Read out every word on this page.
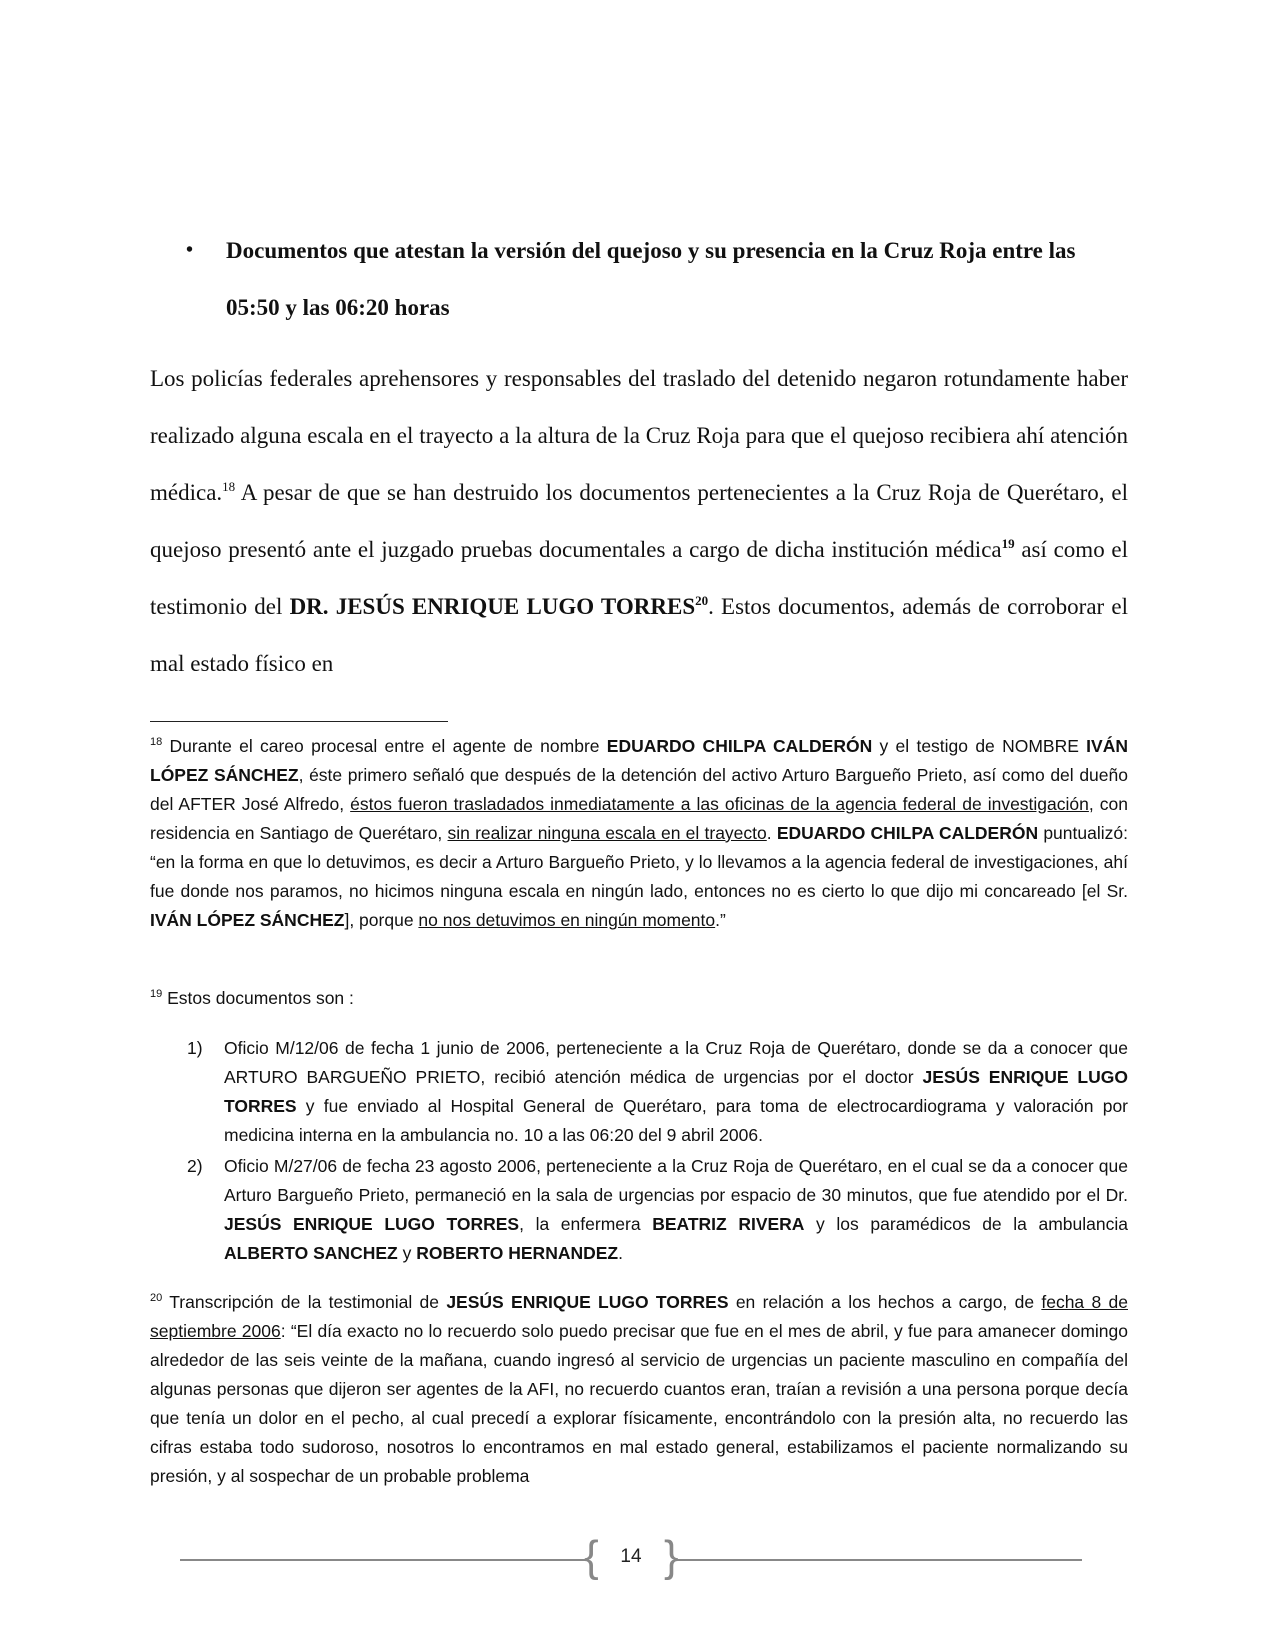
• Documentos que atestan la versión del quejoso y su presencia en la Cruz Roja entre las 05:50 y las 06:20 horas
Los policías federales aprehensores y responsables del traslado del detenido negaron rotundamente haber realizado alguna escala en el trayecto a la altura de la Cruz Roja para que el quejoso recibiera ahí atención médica.$^{18}$ A pesar de que se han destruido los documentos pertenecientes a la Cruz Roja de Querétaro, el quejoso presentó ante el juzgado pruebas documentales a cargo de dicha institución médica$^{19}$ así como el testimonio del DR. JESÚS ENRIQUE LUGO TORRES$^{20}$. Estos documentos, además de corroborar el mal estado físico en
$^{18}$ Durante el careo procesal entre el agente de nombre EDUARDO CHILPA CALDERÓN y el testigo de NOMBRE IVÁN LÓPEZ SÁNCHEZ, éste primero señaló que después de la detención del activo Arturo Bargueño Prieto, así como del dueño del AFTER José Alfredo, éstos fueron trasladados inmediatamente a las oficinas de la agencia federal de investigación, con residencia en Santiago de Querétaro, sin realizar ninguna escala en el trayecto. EDUARDO CHILPA CALDERÓN puntualizó: “en la forma en que lo detuvimos, es decir a Arturo Bargueño Prieto, y lo llevamos a la agencia federal de investigaciones, ahí fue donde nos paramos, no hicimos ninguna escala en ningún lado, entonces no es cierto lo que dijo mi concareado [el Sr. IVÁN LÓPEZ SÁNCHEZ], porque no nos detuvimos en ningún momento.”
$^{19}$ Estos documentos son :
1) Oficio M/12/06 de fecha 1 junio de 2006, perteneciente a la Cruz Roja de Querétaro, donde se da a conocer que ARTURO BARGUEÑO PRIETO, recibió atención médica de urgencias por el doctor JESÚS ENRIQUE LUGO TORRES y fue enviado al Hospital General de Querétaro, para toma de electrocardiograma y valoración por medicina interna en la ambulancia no. 10 a las 06:20 del 9 abril 2006.
2) Oficio M/27/06 de fecha 23 agosto 2006, perteneciente a la Cruz Roja de Querétaro, en el cual se da a conocer que Arturo Bargueño Prieto, permaneció en la sala de urgencias por espacio de 30 minutos, que fue atendido por el Dr. JESÚS ENRIQUE LUGO TORRES, la enfermera BEATRIZ RIVERA y los paramédicos de la ambulancia ALBERTO SANCHEZ y ROBERTO HERNANDEZ.
$^{20}$ Transcripción de la testimonial de JESÚS ENRIQUE LUGO TORRES en relación a los hechos a cargo, de fecha 8 de septiembre 2006: “El día exacto no lo recuerdo solo puedo precisar que fue en el mes de abril, y fue para amanecer domingo alrededor de las seis veinte de la mañana, cuando ingresó al servicio de urgencias un paciente masculino en compañía del algunas personas que dijeron ser agentes de la AFI, no recuerdo cuantos eran, traían a revisión a una persona porque decía que tenía un dolor en el pecho, al cual precedí a explorar físicamente, encontrándolo con la presión alta, no recuerdo las cifras estaba todo sudoroso, nosotros lo encontramos en mal estado general, estabilizamos el paciente normalizando su presión, y al sospechar de un probable problema
{	14 }
